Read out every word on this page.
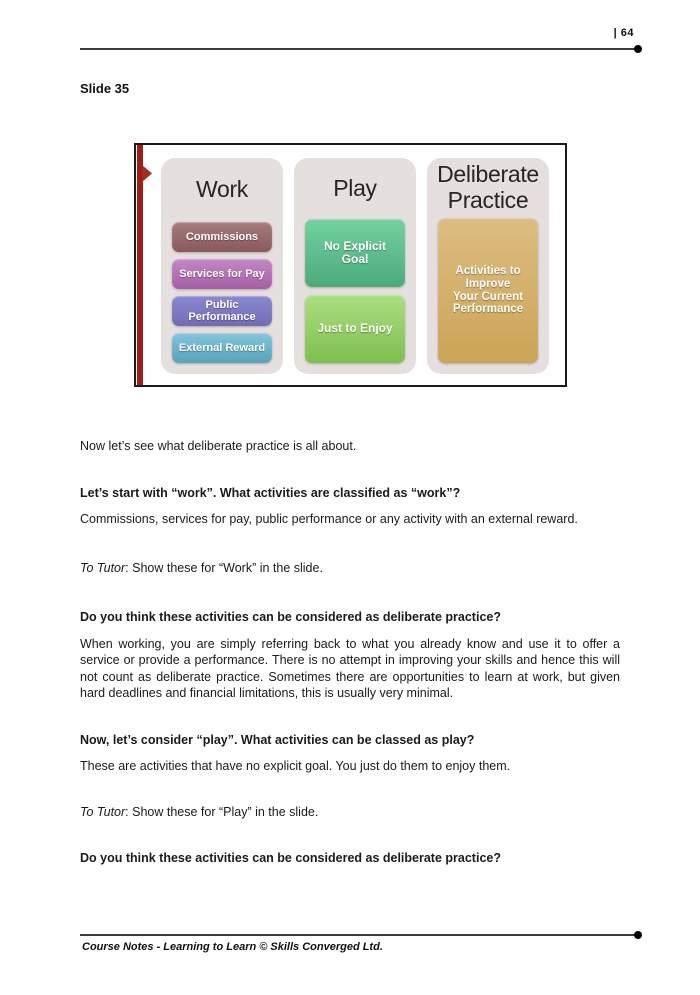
| 64
Slide 35
Work
Commissions
Services for Pay
Public Performance
External Reward
Play
No Explicit Goal
Just to Enjoy
Deliberate Practice
Activities to Improve Your Current Performance

Now let’s see what deliberate practice is all about.

Let’s start with “work”. What activities are classified as “work”?

Commissions, services for pay, public performance or any activity with an external reward.

To Tutor: Show these for “Work” in the slide.

Do you think these activities can be considered as deliberate practice?

When working, you are simply referring back to what you already know and use it to offer a service or provide a performance. There is no attempt in improving your skills and hence this will not count as deliberate practice. Sometimes there are opportunities to learn at work, but given hard deadlines and financial limitations, this is usually very minimal.

Now, let’s consider “play”. What activities can be classed as play?

These are activities that have no explicit goal. You just do them to enjoy them.

To Tutor: Show these for “Play” in the slide.

Do you think these activities can be considered as deliberate practice?

Course Notes - Learning to Learn © Skills Converged Ltd.
